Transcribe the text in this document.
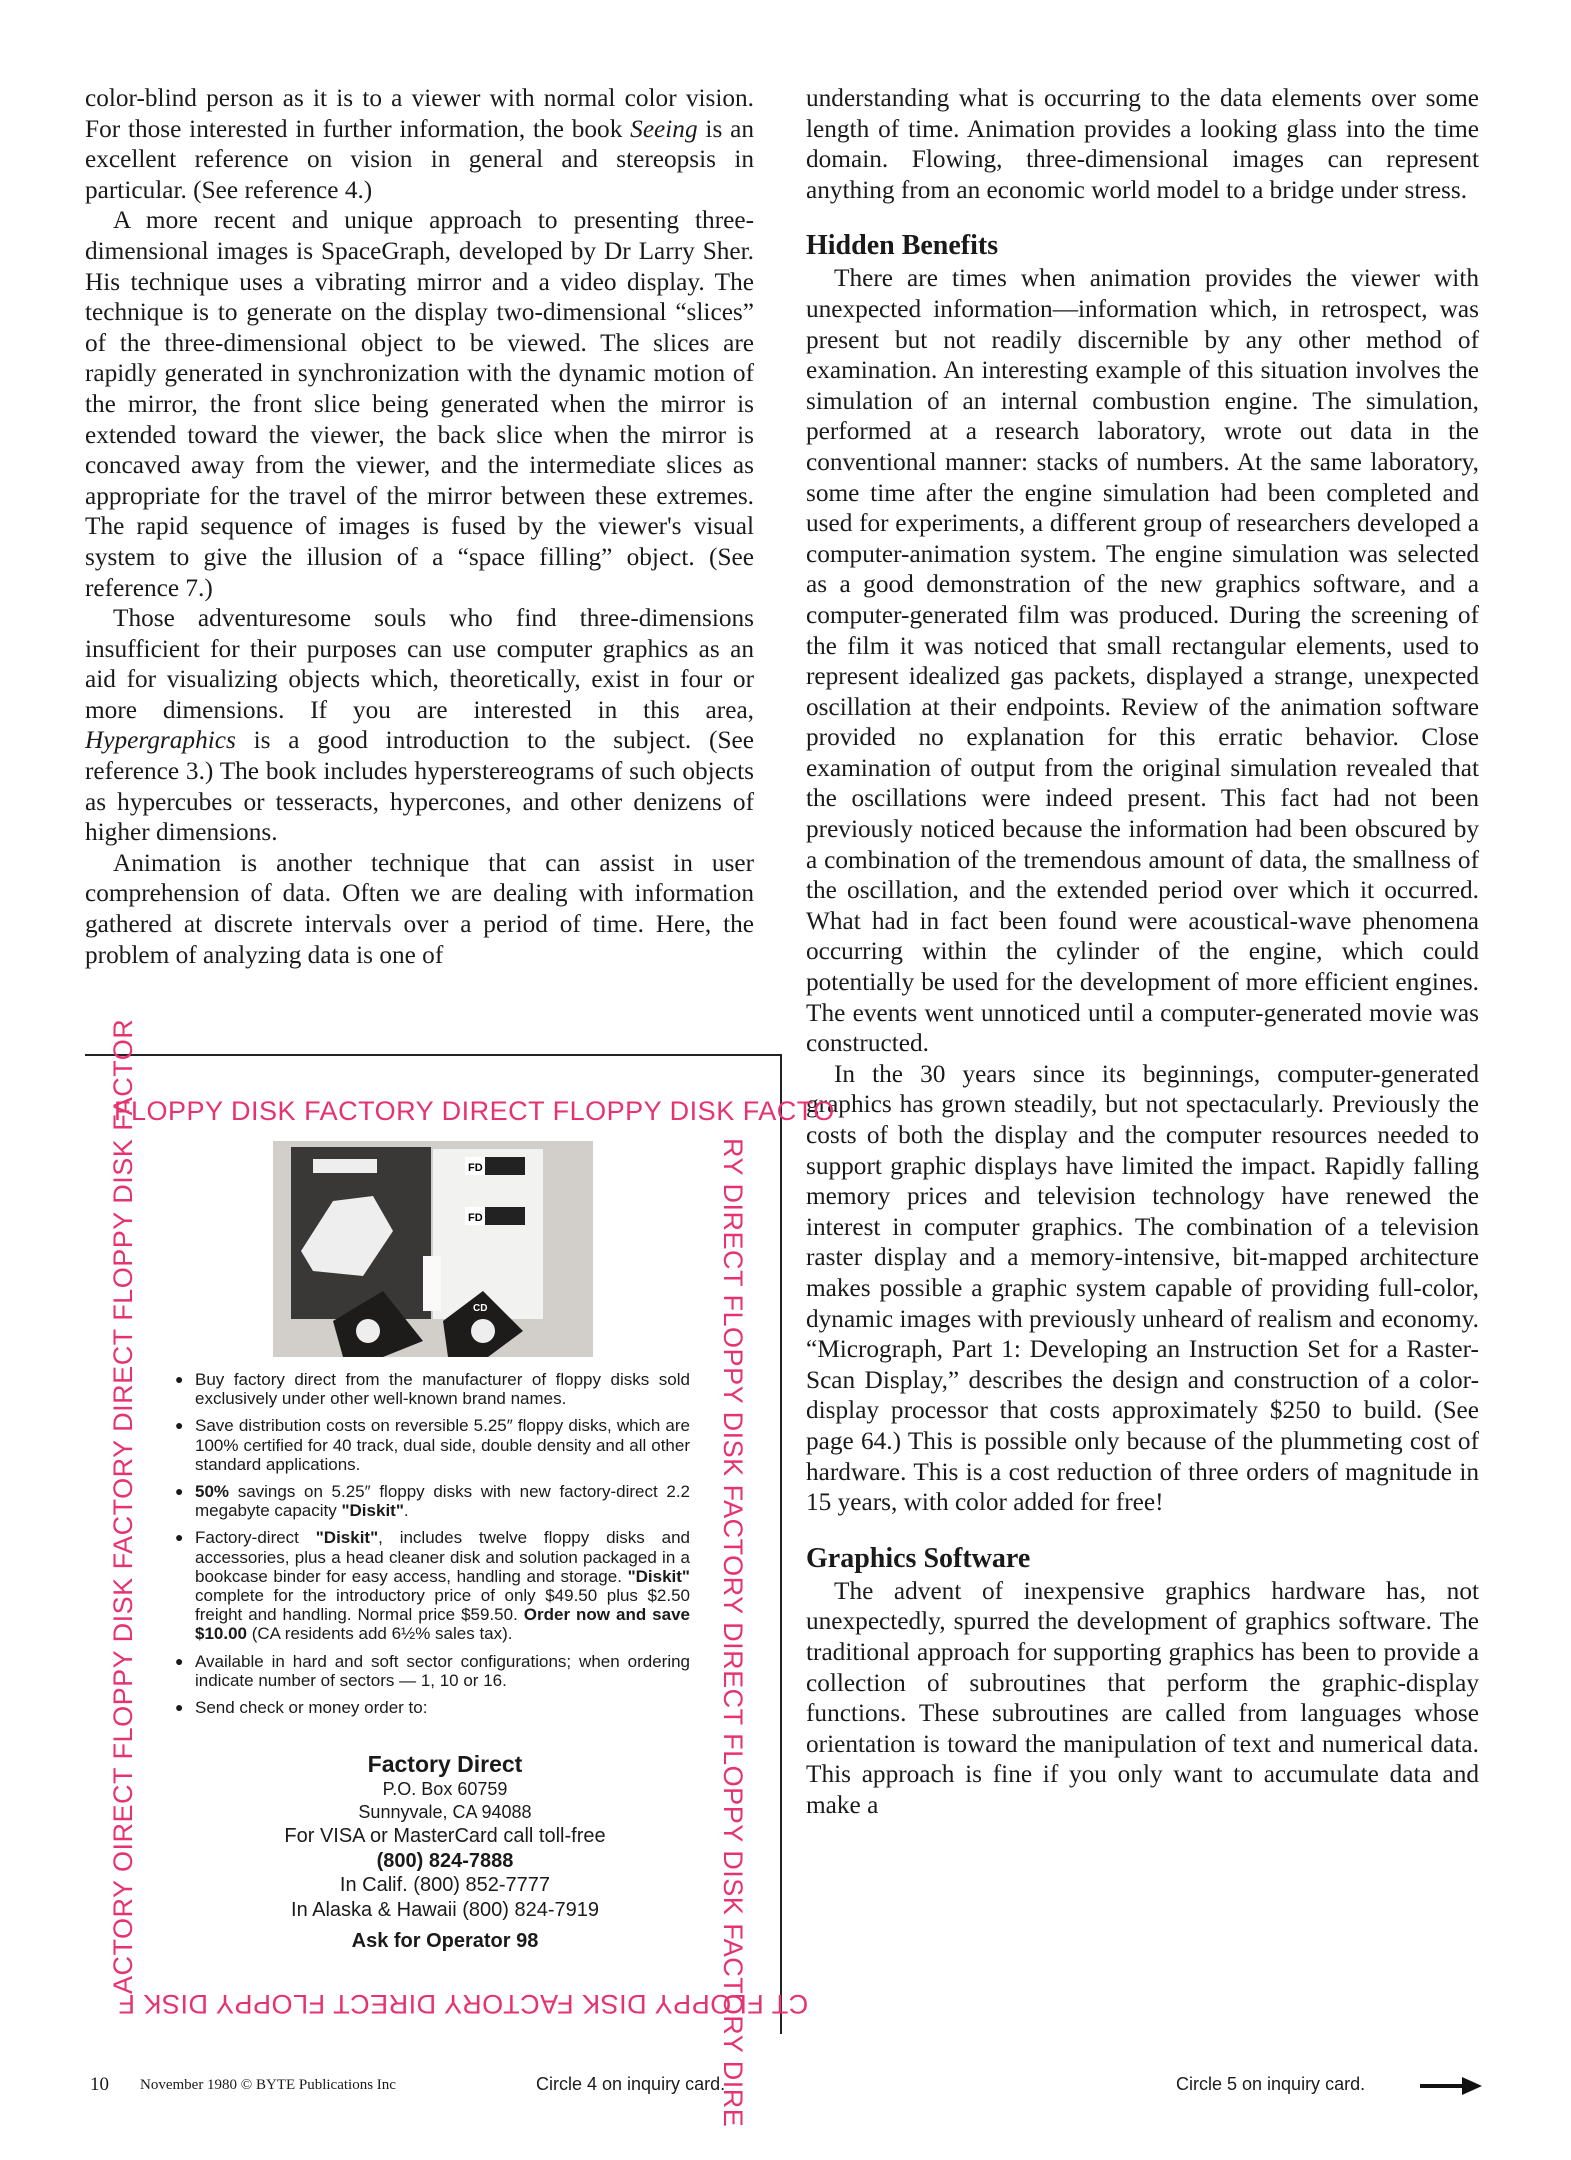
color-blind person as it is to a viewer with normal color vision. For those interested in further information, the book Seeing is an excellent reference on vision in general and stereopsis in particular. (See reference 4.)

A more recent and unique approach to presenting three-dimensional images is SpaceGraph, developed by Dr Larry Sher. His technique uses a vibrating mirror and a video display. The technique is to generate on the display two-dimensional “slices” of the three-dimensional object to be viewed. The slices are rapidly generated in synchronization with the dynamic motion of the mirror, the front slice being generated when the mirror is extended toward the viewer, the back slice when the mirror is concaved away from the viewer, and the intermediate slices as appropriate for the travel of the mirror between these extremes. The rapid sequence of images is fused by the viewer's visual system to give the illusion of a “space filling” object. (See reference 7.)

Those adventuresome souls who find three-dimensions insufficient for their purposes can use computer graphics as an aid for visualizing objects which, theoretically, exist in four or more dimensions. If you are interested in this area, Hypergraphics is a good introduction to the subject. (See reference 3.) The book includes hyperstereograms of such objects as hypercubes or tesseracts, hypercones, and other denizens of higher dimensions.

Animation is another technique that can assist in user comprehension of data. Often we are dealing with information gathered at discrete intervals over a period of time. Here, the problem of analyzing data is one of

understanding what is occurring to the data elements over some length of time. Animation provides a looking glass into the time domain. Flowing, three-dimensional images can represent anything from an economic world model to a bridge under stress.

Hidden Benefits

There are times when animation provides the viewer with unexpected information—information which, in retrospect, was present but not readily discernible by any other method of examination. An interesting example of this situation involves the simulation of an internal combustion engine. The simulation, performed at a research laboratory, wrote out data in the conventional manner: stacks of numbers. At the same laboratory, some time after the engine simulation had been completed and used for experiments, a different group of researchers developed a computer-animation system. The engine simulation was selected as a good demonstration of the new graphics software, and a computer-generated film was produced. During the screening of the film it was noticed that small rectangular elements, used to represent idealized gas packets, displayed a strange, unexpected oscillation at their endpoints. Review of the animation software provided no explanation for this erratic behavior. Close examination of output from the original simulation revealed that the oscillations were indeed present. This fact had not been previously noticed because the information had been obscured by a combination of the tremendous amount of data, the smallness of the oscillation, and the extended period over which it occurred. What had in fact been found were acoustical-wave phenomena occurring within the cylinder of the engine, which could potentially be used for the development of more efficient engines. The events went unnoticed until a computer-generated movie was constructed.

In the 30 years since its beginnings, computer-generated graphics has grown steadily, but not spectacularly. Previously the costs of both the display and the computer resources needed to support graphic displays have limited the impact. Rapidly falling memory prices and television technology have renewed the interest in computer graphics. The combination of a television raster display and a memory-intensive, bit-mapped architecture makes possible a graphic system capable of providing full-color, dynamic images with previously unheard of realism and economy. “Micrograph, Part 1: Developing an Instruction Set for a Raster-Scan Display,” describes the design and construction of a color-display processor that costs approximately $250 to build. (See page 64.) This is possible only because of the plummeting cost of hardware. This is a cost reduction of three orders of magnitude in 15 years, with color added for free!

Graphics Software

The advent of inexpensive graphics hardware has, not unexpectedly, spurred the development of graphics software. The traditional approach for supporting graphics has been to provide a collection of subroutines that perform the graphic-display functions. These subroutines are called from languages whose orientation is toward the manipulation of text and numerical data. This approach is fine if you only want to accumulate data and make a

FLOPPY DISK FACTORY DIRECT FLOPPY DISK FACTO
RY DIRECT FLOPPY DISK FACTORY DIRECT FLOPPY DISK FACTORY DIRE
CT FLOPPY DISK FACTORY DIRECT FLOPPY DISK F
ACTORY OIRECT FLOPPY DISK FACTORY DIRECT FLOPPY DISK FACTOR	FD
FD
CD
● Buy factory direct from the manufacturer of floppy disks sold exclusively under other well-known brand names.
● Save distribution costs on reversible 5.25″ floppy disks, which are 100% certified for 40 track, dual side, double density and all other standard applications.
● 50% savings on 5.25″ floppy disks with new factory-direct 2.2 megabyte capacity "Diskit".
● Factory-direct "Diskit", includes twelve floppy disks and accessories, plus a head cleaner disk and solution packaged in a bookcase binder for easy access, handling and storage. "Diskit" complete for the introductory price of only $49.50 plus $2.50 freight and handling. Normal price $59.50. Order now and save $10.00 (CA residents add 6½% sales tax).
● Available in hard and soft sector configurations; when ordering indicate number of sectors — 1, 10 or 16.
● Send check or money order to:
Factory Direct
P.O. Box 60759
Sunnyvale, CA 94088
For VISA or MasterCard call toll-free
(800) 824-7888
In Calif. (800) 852-7777
In Alaska & Hawaii (800) 824-7919
Ask for Operator 98
10 November 1980 © BYTE Publications Inc	Circle 4 on inquiry card.	Circle 5 on inquiry card.
